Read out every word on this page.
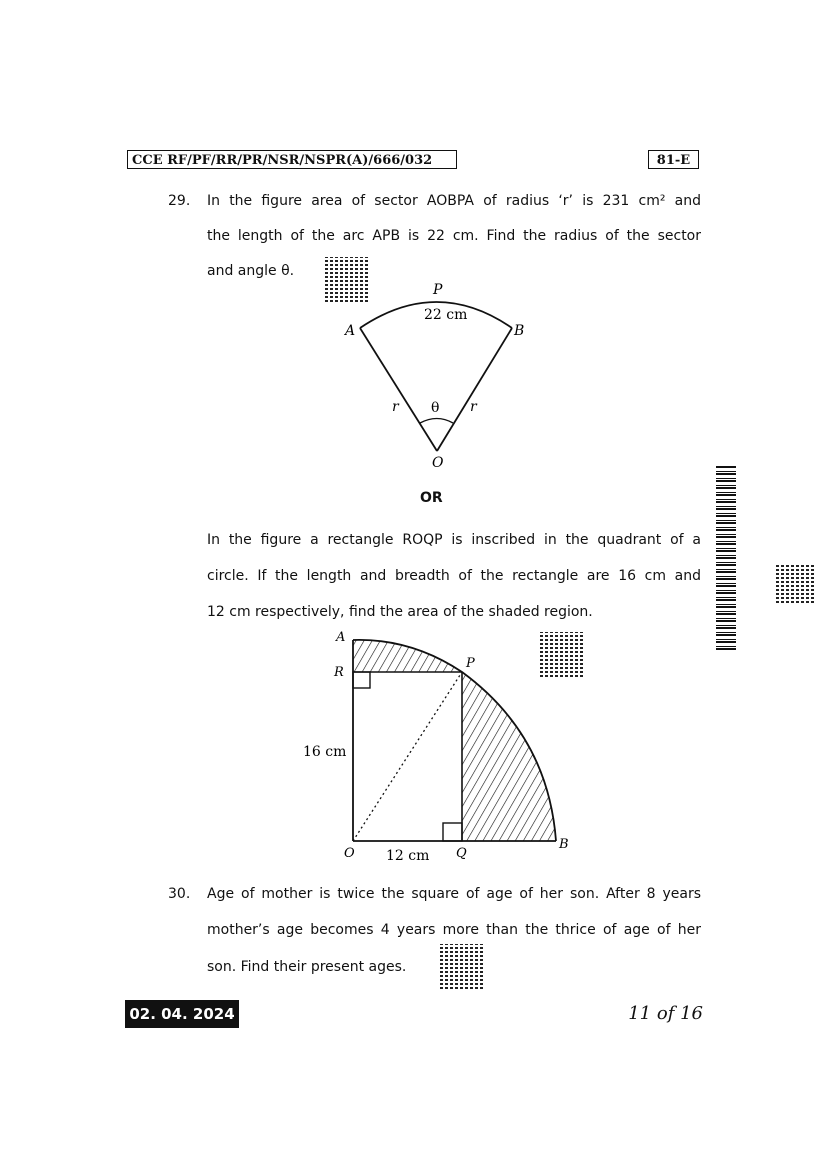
CCE RF/PF/RR/PR/NSR/NSPR(A)/666/032	81-E
29. In the figure area of sector AOBPA of radius ‘r’ is 231 cm² and
the length of the arc APB is 22 cm. Find the radius of the sector
and angle θ.
P
22 cm
A	B
r	r
θ
O
OR
In the figure a rectangle ROQP is inscribed in the quadrant of a
circle. If the length and breadth of the rectangle are 16 cm and
12 cm respectively, find the area of the shaded region.
A
R
P
16 cm
O 12 cm Q
B
30. Age of mother is twice the square of age of her son. After 8 years
mother’s age becomes 4 years more than the thrice of age of her
son. Find their present ages.
02. 04. 2024	11 of 16
